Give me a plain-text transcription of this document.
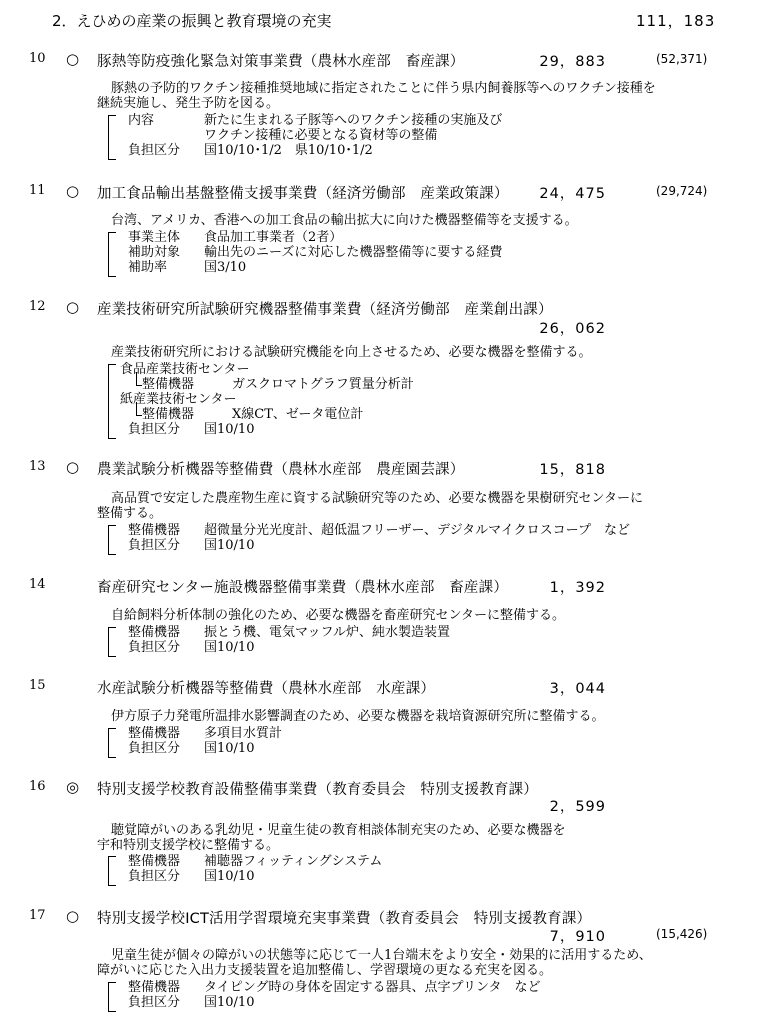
2．えひめの産業の振興と教育環境の充実	111，183
10 ○ 豚熱等防疫強化緊急対策事業費（農林水産部　畜産課）	29，883	(52,371)
豚熱の予防的ワクチン接種推奨地域に指定されたことに伴う県内飼養豚等へのワクチン接種を
継続実施し、発生予防を図る。
内容	新たに生まれる子豚等へのワクチン接種の実施及び
ワクチン接種に必要となる資材等の整備
負担区分 国10/10･1/2　県10/10･1/2
11 ○ 加工食品輸出基盤整備支援事業費（経済労働部　産業政策課）	24，475	(29,724)
台湾、アメリカ、香港への加工食品の輸出拡大に向けた機器整備等を支援する。
事業主体 食品加工事業者（2者）
補助対象 輸出先のニーズに対応した機器整備等に要する経費
補助率	国3/10
12 ○ 産業技術研究所試験研究機器整備事業費（経済労働部　産業創出課）
26，062
産業技術研究所における試験研究機能を向上させるため、必要な機器を整備する。
食品産業技術センター
整備機器	ガスクロマトグラフ質量分析計
紙産業技術センター
整備機器	X線CT、ゼータ電位計
負担区分 国10/10
13 ○ 農業試験分析機器等整備費（農林水産部　農産園芸課）	15，818
高品質で安定した農産物生産に資する試験研究等のため、必要な機器を果樹研究センターに
整備する。
整備機器 超微量分光光度計、超低温フリーザー、デジタルマイクロスコープ　など
負担区分 国10/10
14	畜産研究センター施設機器整備事業費（農林水産部　畜産課）	1，392
自給飼料分析体制の強化のため、必要な機器を畜産研究センターに整備する。
整備機器 振とう機、電気マッフル炉、純水製造装置
負担区分 国10/10
15	水産試験分析機器等整備費（農林水産部　水産課）	3，044
伊方原子力発電所温排水影響調査のため、必要な機器を栽培資源研究所に整備する。
整備機器 多項目水質計
負担区分 国10/10
16 ◎ 特別支援学校教育設備整備事業費（教育委員会　特別支援教育課）
2，599
聴覚障がいのある乳幼児・児童生徒の教育相談体制充実のため、必要な機器を
宇和特別支援学校に整備する。
整備機器 補聴器フィッティングシステム
負担区分 国10/10
17 ○ 特別支援学校ICT活用学習環境充実事業費（教育委員会　特別支援教育課）
7，910	(15,426)
児童生徒が個々の障がいの状態等に応じて一人1台端末をより安全・効果的に活用するため、
障がいに応じた入出力支援装置を追加整備し、学習環境の更なる充実を図る。
整備機器 タイピング時の身体を固定する器具、点字プリンタ　など
負担区分 国10/10
